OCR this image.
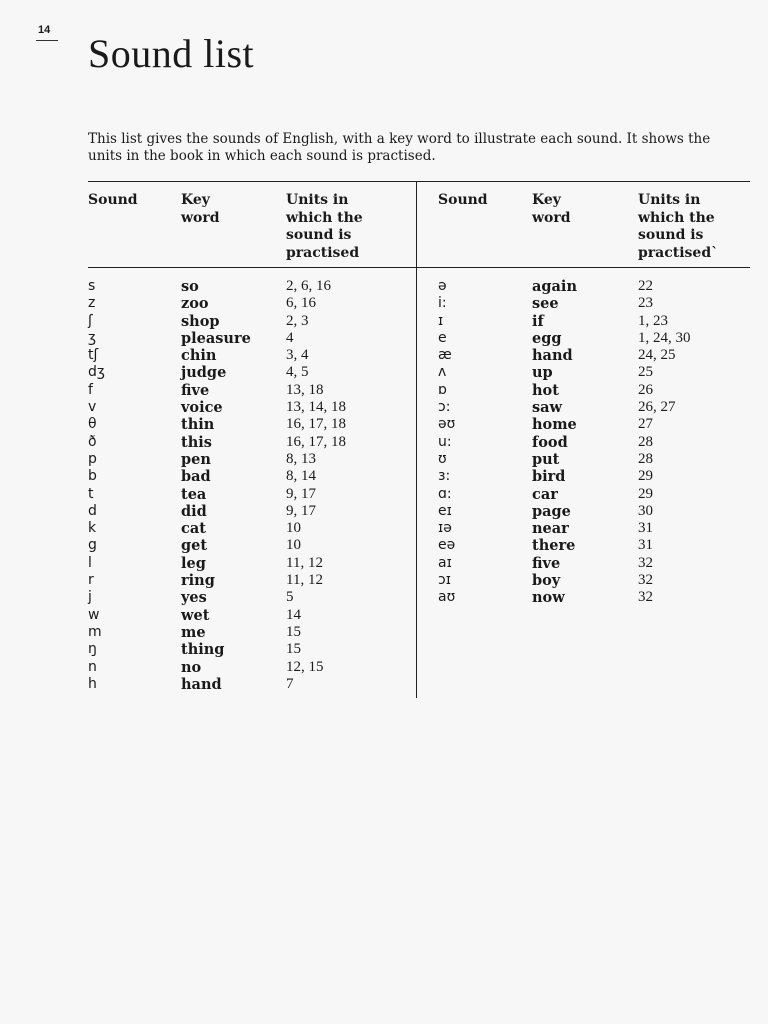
14
Sound list

This list gives the sounds of English, with a key word to illustrate each sound. It shows the units in the book in which each sound is practised.

Sound	Key
word
Units in
which the
sound is
practised
Sound	Key
word
Units in
which the
sound is
practised`
s
z
ʃ
ʒ
tʃ
dʒ
f
v
θ
ð
p
b
t
d
k
g
l
r
j
w
m
ŋ
n
h
so
zoo
shop
pleasure
chin
judge
five
voice
thin
this
pen
bad
tea
did
cat
get
leg
ring
yes
wet
me
thing
no
hand
2, 6, 16
6, 16
2, 3
4
3, 4
4, 5
13, 18
13, 14, 18
16, 17, 18
16, 17, 18
8, 13
8, 14
9, 17
9, 17
10
10
11, 12
11, 12
5
14
15
15
12, 15
7
ə
i:
ɪ
e
æ
ʌ
ɒ
ɔ:
əʊ
u:
ʊ
ɜ:
ɑ:
eɪ
ɪə
eə
aɪ
ɔɪ
aʊ
again
see
if
egg
hand
up
hot
saw
home
food
put
bird
car
page
near
there
five
boy
now
22
23
1, 23
1, 24, 30
24, 25
25
26
26, 27
27
28
28
29
29
30
31
31
32
32
32
